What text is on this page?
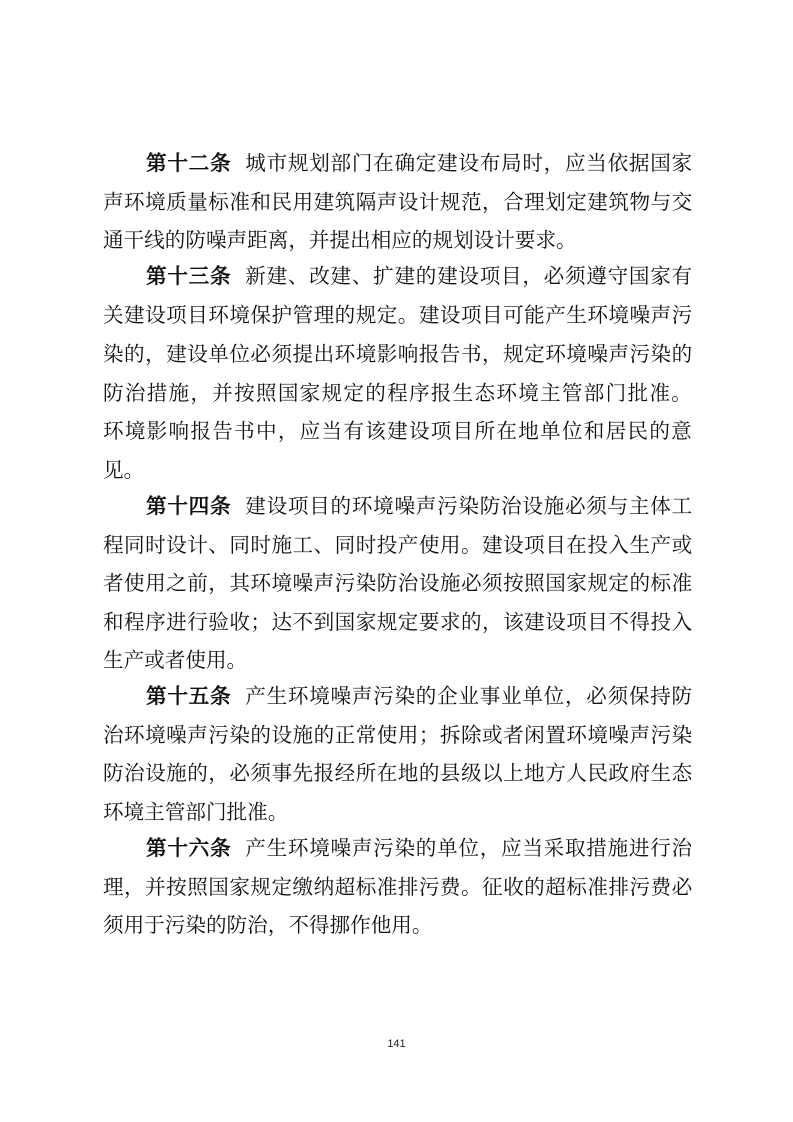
第十二条 城市规划部门在确定建设布局时，应当依据国家
声环境质量标准和民用建筑隔声设计规范，合理划定建筑物与交
通干线的防噪声距离，并提出相应的规划设计要求。
第十三条 新建、改建、扩建的建设项目，必须遵守国家有
关建设项目环境保护管理的规定。建设项目可能产生环境噪声污
染的，建设单位必须提出环境影响报告书，规定环境噪声污染的
防治措施，并按照国家规定的程序报生态环境主管部门批准。
环境影响报告书中，应当有该建设项目所在地单位和居民的意
见。
第十四条 建设项目的环境噪声污染防治设施必须与主体工
程同时设计、同时施工、同时投产使用。建设项目在投入生产或
者使用之前，其环境噪声污染防治设施必须按照国家规定的标准
和程序进行验收；达不到国家规定要求的，该建设项目不得投入
生产或者使用。
第十五条 产生环境噪声污染的企业事业单位，必须保持防
治环境噪声污染的设施的正常使用；拆除或者闲置环境噪声污染
防治设施的，必须事先报经所在地的县级以上地方人民政府生态
环境主管部门批准。
第十六条 产生环境噪声污染的单位，应当采取措施进行治
理，并按照国家规定缴纳超标准排污费。征收的超标准排污费必
须用于污染的防治，不得挪作他用。
141
